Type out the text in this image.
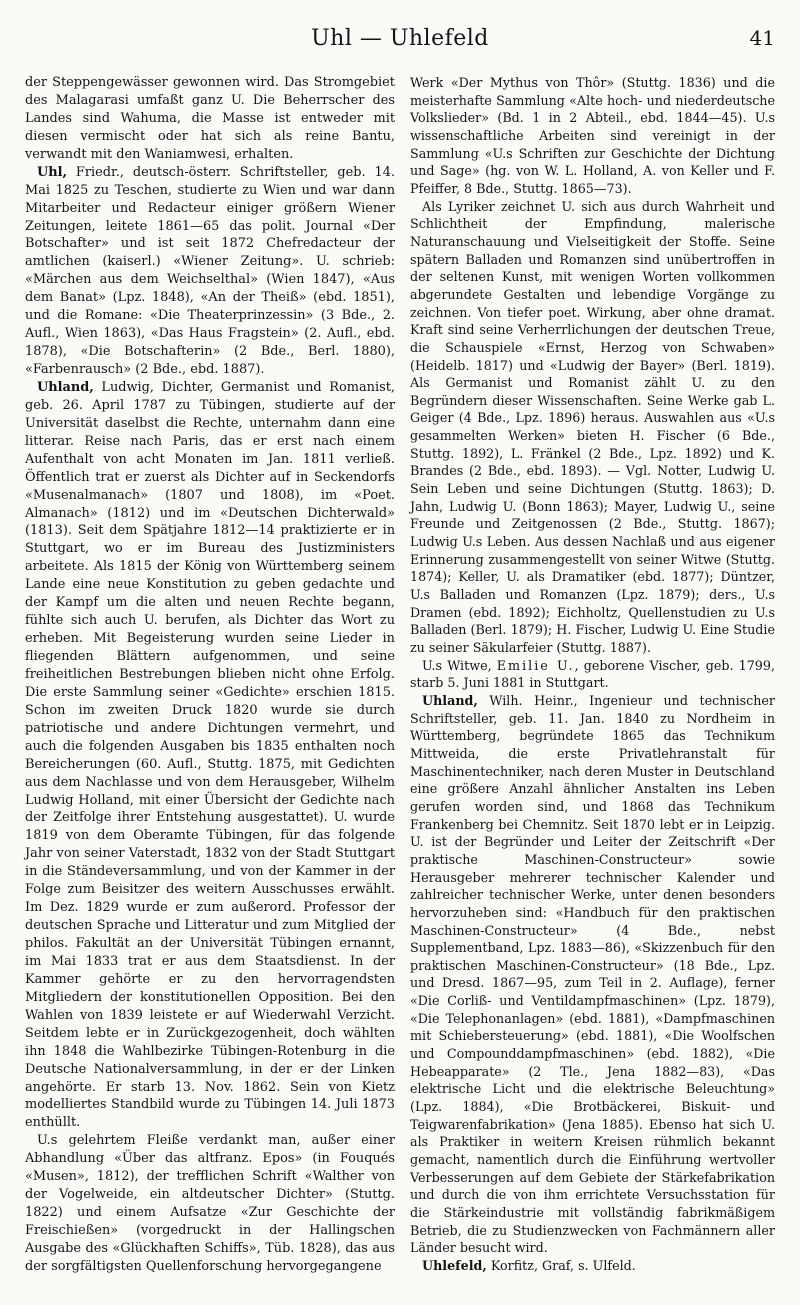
Uhl — Uhlefeld	41

der Steppengewässer gewonnen wird. Das Stromgebiet des Malagarasi umfaßt ganz U. Die Beherrscher des Landes sind Wahuma, die Masse ist entweder mit diesen vermischt oder hat sich als reine Bantu, verwandt mit den Waniamwesi, erhalten.

Uhl, Friedr., deutsch-österr. Schriftsteller, geb. 14. Mai 1825 zu Teschen, studierte zu Wien und war dann Mitarbeiter und Redacteur einiger größern Wiener Zeitungen, leitete 1861—65 das polit. Journal «Der Botschafter» und ist seit 1872 Chefredacteur der amtlichen (kaiserl.) «Wiener Zeitung». U. schrieb: «Märchen aus dem Weichselthal» (Wien 1847), «Aus dem Banat» (Lpz. 1848), «An der Theiß» (ebd. 1851), und die Romane: «Die Theaterprinzessin» (3 Bde., 2. Aufl., Wien 1863), «Das Haus Fragstein» (2. Aufl., ebd. 1878), «Die Botschafterin» (2 Bde., Berl. 1880), «Farbenrausch» (2 Bde., ebd. 1887).

Uhland, Ludwig, Dichter, Germanist und Romanist, geb. 26. April 1787 zu Tübingen, studierte auf der Universität daselbst die Rechte, unternahm dann eine litterar. Reise nach Paris, das er erst nach einem Aufenthalt von acht Monaten im Jan. 1811 verließ. Öffentlich trat er zuerst als Dichter auf in Seckendorfs «Musenalmanach» (1807 und 1808), im «Poet. Almanach» (1812) und im «Deutschen Dichterwald» (1813). Seit dem Spätjahre 1812—14 praktizierte er in Stuttgart, wo er im Bureau des Justizministers arbeitete. Als 1815 der König von Württemberg seinem Lande eine neue Konstitution zu geben gedachte und der Kampf um die alten und neuen Rechte begann, fühlte sich auch U. berufen, als Dichter das Wort zu erheben. Mit Begeisterung wurden seine Lieder in fliegenden Blättern aufgenommen, und seine freiheitlichen Bestrebungen blieben nicht ohne Erfolg. Die erste Sammlung seiner «Gedichte» erschien 1815. Schon im zweiten Druck 1820 wurde sie durch patriotische und andere Dichtungen vermehrt, und auch die folgenden Ausgaben bis 1835 enthalten noch Bereicherungen (60. Aufl., Stuttg. 1875, mit Gedichten aus dem Nachlasse und von dem Herausgeber, Wilhelm Ludwig Holland, mit einer Übersicht der Gedichte nach der Zeitfolge ihrer Entstehung ausgestattet). U. wurde 1819 von dem Oberamte Tübingen, für das folgende Jahr von seiner Vaterstadt, 1832 von der Stadt Stuttgart in die Ständeversammlung, und von der Kammer in der Folge zum Beisitzer des weitern Ausschusses erwählt. Im Dez. 1829 wurde er zum außerord. Professor der deutschen Sprache und Litteratur und zum Mitglied der philos. Fakultät an der Universität Tübingen ernannt, im Mai 1833 trat er aus dem Staatsdienst. In der Kammer gehörte er zu den hervorragendsten Mitgliedern der konstitutionellen Opposition. Bei den Wahlen von 1839 leistete er auf Wiederwahl Verzicht. Seitdem lebte er in Zurückgezogenheit, doch wählten ihn 1848 die Wahlbezirke Tübingen-Rotenburg in die Deutsche Nationalversammlung, in der er der Linken angehörte. Er starb 13. Nov. 1862. Sein von Kietz modelliertes Standbild wurde zu Tübingen 14. Juli 1873 enthüllt.

U.s gelehrtem Fleiße verdankt man, außer einer Abhandlung «Über das altfranz. Epos» (in Fouqués «Musen», 1812), der trefflichen Schrift «Walther von der Vogelweide, ein altdeutscher Dichter» (Stuttg. 1822) und einem Aufsatze «Zur Geschichte der Freischießen» (vorgedruckt in der Hallingschen Ausgabe des «Glückhaften Schiffs», Tüb. 1828), das aus der sorgfältigsten Quellenforschung hervorgegangene

Werk «Der Mythus von Thôr» (Stuttg. 1836) und die meisterhafte Sammlung «Alte hoch- und niederdeutsche Volkslieder» (Bd. 1 in 2 Abteil., ebd. 1844—45). U.s wissenschaftliche Arbeiten sind vereinigt in der Sammlung «U.s Schriften zur Geschichte der Dichtung und Sage» (hg. von W. L. Holland, A. von Keller und F. Pfeiffer, 8 Bde., Stuttg. 1865—73).

Als Lyriker zeichnet U. sich aus durch Wahrheit und Schlichtheit der Empfindung, malerische Naturanschauung und Vielseitigkeit der Stoffe. Seine spätern Balladen und Romanzen sind unübertroffen in der seltenen Kunst, mit wenigen Worten vollkommen abgerundete Gestalten und lebendige Vorgänge zu zeichnen. Von tiefer poet. Wirkung, aber ohne dramat. Kraft sind seine Verherrlichungen der deutschen Treue, die Schauspiele «Ernst, Herzog von Schwaben» (Heidelb. 1817) und «Ludwig der Bayer» (Berl. 1819). Als Germanist und Romanist zählt U. zu den Begründern dieser Wissenschaften. Seine Werke gab L. Geiger (4 Bde., Lpz. 1896) heraus. Auswahlen aus «U.s gesammelten Werken» bieten H. Fischer (6 Bde., Stuttg. 1892), L. Fränkel (2 Bde., Lpz. 1892) und K. Brandes (2 Bde., ebd. 1893). — Vgl. Notter, Ludwig U. Sein Leben und seine Dichtungen (Stuttg. 1863); D. Jahn, Ludwig U. (Bonn 1863); Mayer, Ludwig U., seine Freunde und Zeitgenossen (2 Bde., Stuttg. 1867); Ludwig U.s Leben. Aus dessen Nachlaß und aus eigener Erinnerung zusammengestellt von seiner Witwe (Stuttg. 1874); Keller, U. als Dramatiker (ebd. 1877); Düntzer, U.s Balladen und Romanzen (Lpz. 1879); ders., U.s Dramen (ebd. 1892); Eichholtz, Quellenstudien zu U.s Balladen (Berl. 1879); H. Fischer, Ludwig U. Eine Studie zu seiner Säkularfeier (Stuttg. 1887).

U.s Witwe, Emilie U., geborene Vischer, geb. 1799, starb 5. Juni 1881 in Stuttgart.

Uhland, Wilh. Heinr., Ingenieur und technischer Schriftsteller, geb. 11. Jan. 1840 zu Nordheim in Württemberg, begründete 1865 das Technikum Mittweida, die erste Privatlehranstalt für Maschinentechniker, nach deren Muster in Deutschland eine größere Anzahl ähnlicher Anstalten ins Leben gerufen worden sind, und 1868 das Technikum Frankenberg bei Chemnitz. Seit 1870 lebt er in Leipzig. U. ist der Begründer und Leiter der Zeitschrift «Der praktische Maschinen-Constructeur» sowie Herausgeber mehrerer technischer Kalender und zahlreicher technischer Werke, unter denen besonders hervorzuheben sind: «Handbuch für den praktischen Maschinen-Constructeur» (4 Bde., nebst Supplementband, Lpz. 1883—86), «Skizzenbuch für den praktischen Maschinen-Constructeur» (18 Bde., Lpz. und Dresd. 1867—95, zum Teil in 2. Auflage), ferner «Die Corliß- und Ventildampfmaschinen» (Lpz. 1879), «Die Telephonanlagen» (ebd. 1881), «Dampfmaschinen mit Schiebersteuerung» (ebd. 1881), «Die Woolfschen und Compounddampfmaschinen» (ebd. 1882), «Die Hebeapparate» (2 Tle., Jena 1882—83), «Das elektrische Licht und die elektrische Beleuchtung» (Lpz. 1884), «Die Brotbäckerei, Biskuit- und Teigwarenfabrikation» (Jena 1885). Ebenso hat sich U. als Praktiker in weitern Kreisen rühmlich bekannt gemacht, namentlich durch die Einführung wertvoller Verbesserungen auf dem Gebiete der Stärkefabrikation und durch die von ihm errichtete Versuchsstation für die Stärkeindustrie mit vollständig fabrikmäßigem Betrieb, die zu Studienzwecken von Fachmännern aller Länder besucht wird.

Uhlefeld, Korfitz, Graf, s. Ulfeld.
